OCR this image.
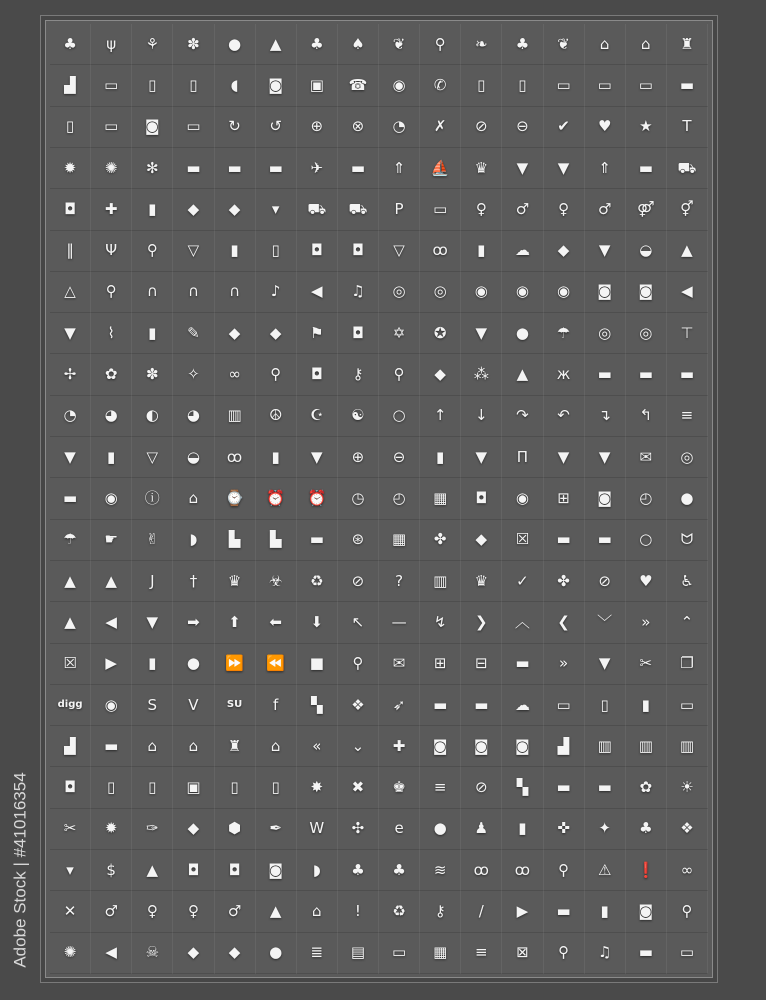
♣ ψ ⚘ ✽ ● ▲ ♣ ♠ ❦ ⚲ ❧ ♣ ❦ ⌂ ⌂ ♜
▟ ▭ ▯ ▯ ◖ ◙ ▣ ☎ ◉ ✆ ▯ ▯ ▭ ▭ ▭ ▬
▯ ▭ ◙ ▭ ↻ ↺ ⊕ ⊗ ◔ ✗ ⊘ ⊖ ✔ ♥ ★ T
✹ ✺ ✻ ▬ ▬ ▬ ✈ ▬ ⇑ ⛵ ♛ ▼ ▼ ⇑ ▬ ⛟
◘ ✚ ▮ ◆ ◆ ▾ ⛟ ⛟ P ▭ ♀ ♂ ♀ ♂ ⚤ ⚥
‖ Ψ ⚲ ▽ ▮ ▯ ◘ ◘ ▽ ꝏ ▮ ☁ ◆ ▼ ◒ ▲
△ ⚲ ∩ ∩ ∩ ♪ ◀ ♫ ◎ ◎ ◉ ◉ ◉ ◙ ◙ ◀
▼ ⌇ ▮ ✎ ◆ ◆ ⚑ ◘ ✡ ✪ ▼ ● ☂ ◎ ◎ ⊤
✢ ✿ ✽ ✧ ∞ ⚲ ◘ ⚷ ⚲ ◆ ⁂ ▲ ж ▬ ▬ ▬
◔ ◕ ◐ ◕ ▥ ☮ ☪ ☯ ○ ↑ ↓ ↷ ↶ ↴ ↰ ≡
▼ ▮ ▽ ◒ ꝏ ▮ ▼ ⊕ ⊖ ▮ ▼ Π ▼ ▼ ✉ ◎
▬ ◉ ⓘ ⌂ ⌚ ⏰ ⏰ ◷ ◴ ▦ ◘ ◉ ⊞ ◙ ◴ ●
☂ ☛ ✌ ◗ ▙ ▙ ▬ ⊛ ▦ ✤ ◆ ☒ ▬ ▬ ○ ᗢ
▲ ▲ J † ♛ ☣ ♻ ⊘ ? ▥ ♛ ✓ ✤ ⊘ ♥ ♿
▲ ◀ ▼ ➡ ⬆ ⬅ ⬇ ↖ — ↯ ❯ ︿ ❮ ﹀ » ⌃
☒ ▶ ▮ ● ⏩ ⏪ ■ ⚲ ✉ ⊞ ⊟ ▬ » ▼ ✂ ❐
digg ◉ S V	SU f ▚ ❖ ➶ ▬ ▬ ☁ ▭ ▯ ▮ ▭
▟ ▬ ⌂ ⌂ ♜ ⌂ « ⌄ ✚ ◙ ◙ ◙ ▟ ▥ ▥ ▥
◘ ▯ ▯ ▣ ▯ ▯ ✸ ✖ ♚ ≡ ⊘ ▚ ▬ ▬ ✿ ☀
✂ ✹ ✑ ◆ ⬢ ✒ W ✣ e ● ♟ ▮ ✜ ✦ ♣ ❖
▾ $ ▲ ◘ ◘ ◙ ◗ ♣ ♣ ≋ ꝏ ꝏ ⚲ ⚠ ❗ ∞
✕ ♂ ♀ ♀ ♂ ▲ ⌂ ! ♻ ⚷ / ▶ ▬ ▮ ◙ ⚲
✺ ◀ ☠ ◆ ◆ ● ≣ ▤ ▭ ▦ ≡ ⊠ ⚲ ♫ ▬ ▭
Adobe Stock | #41016354
